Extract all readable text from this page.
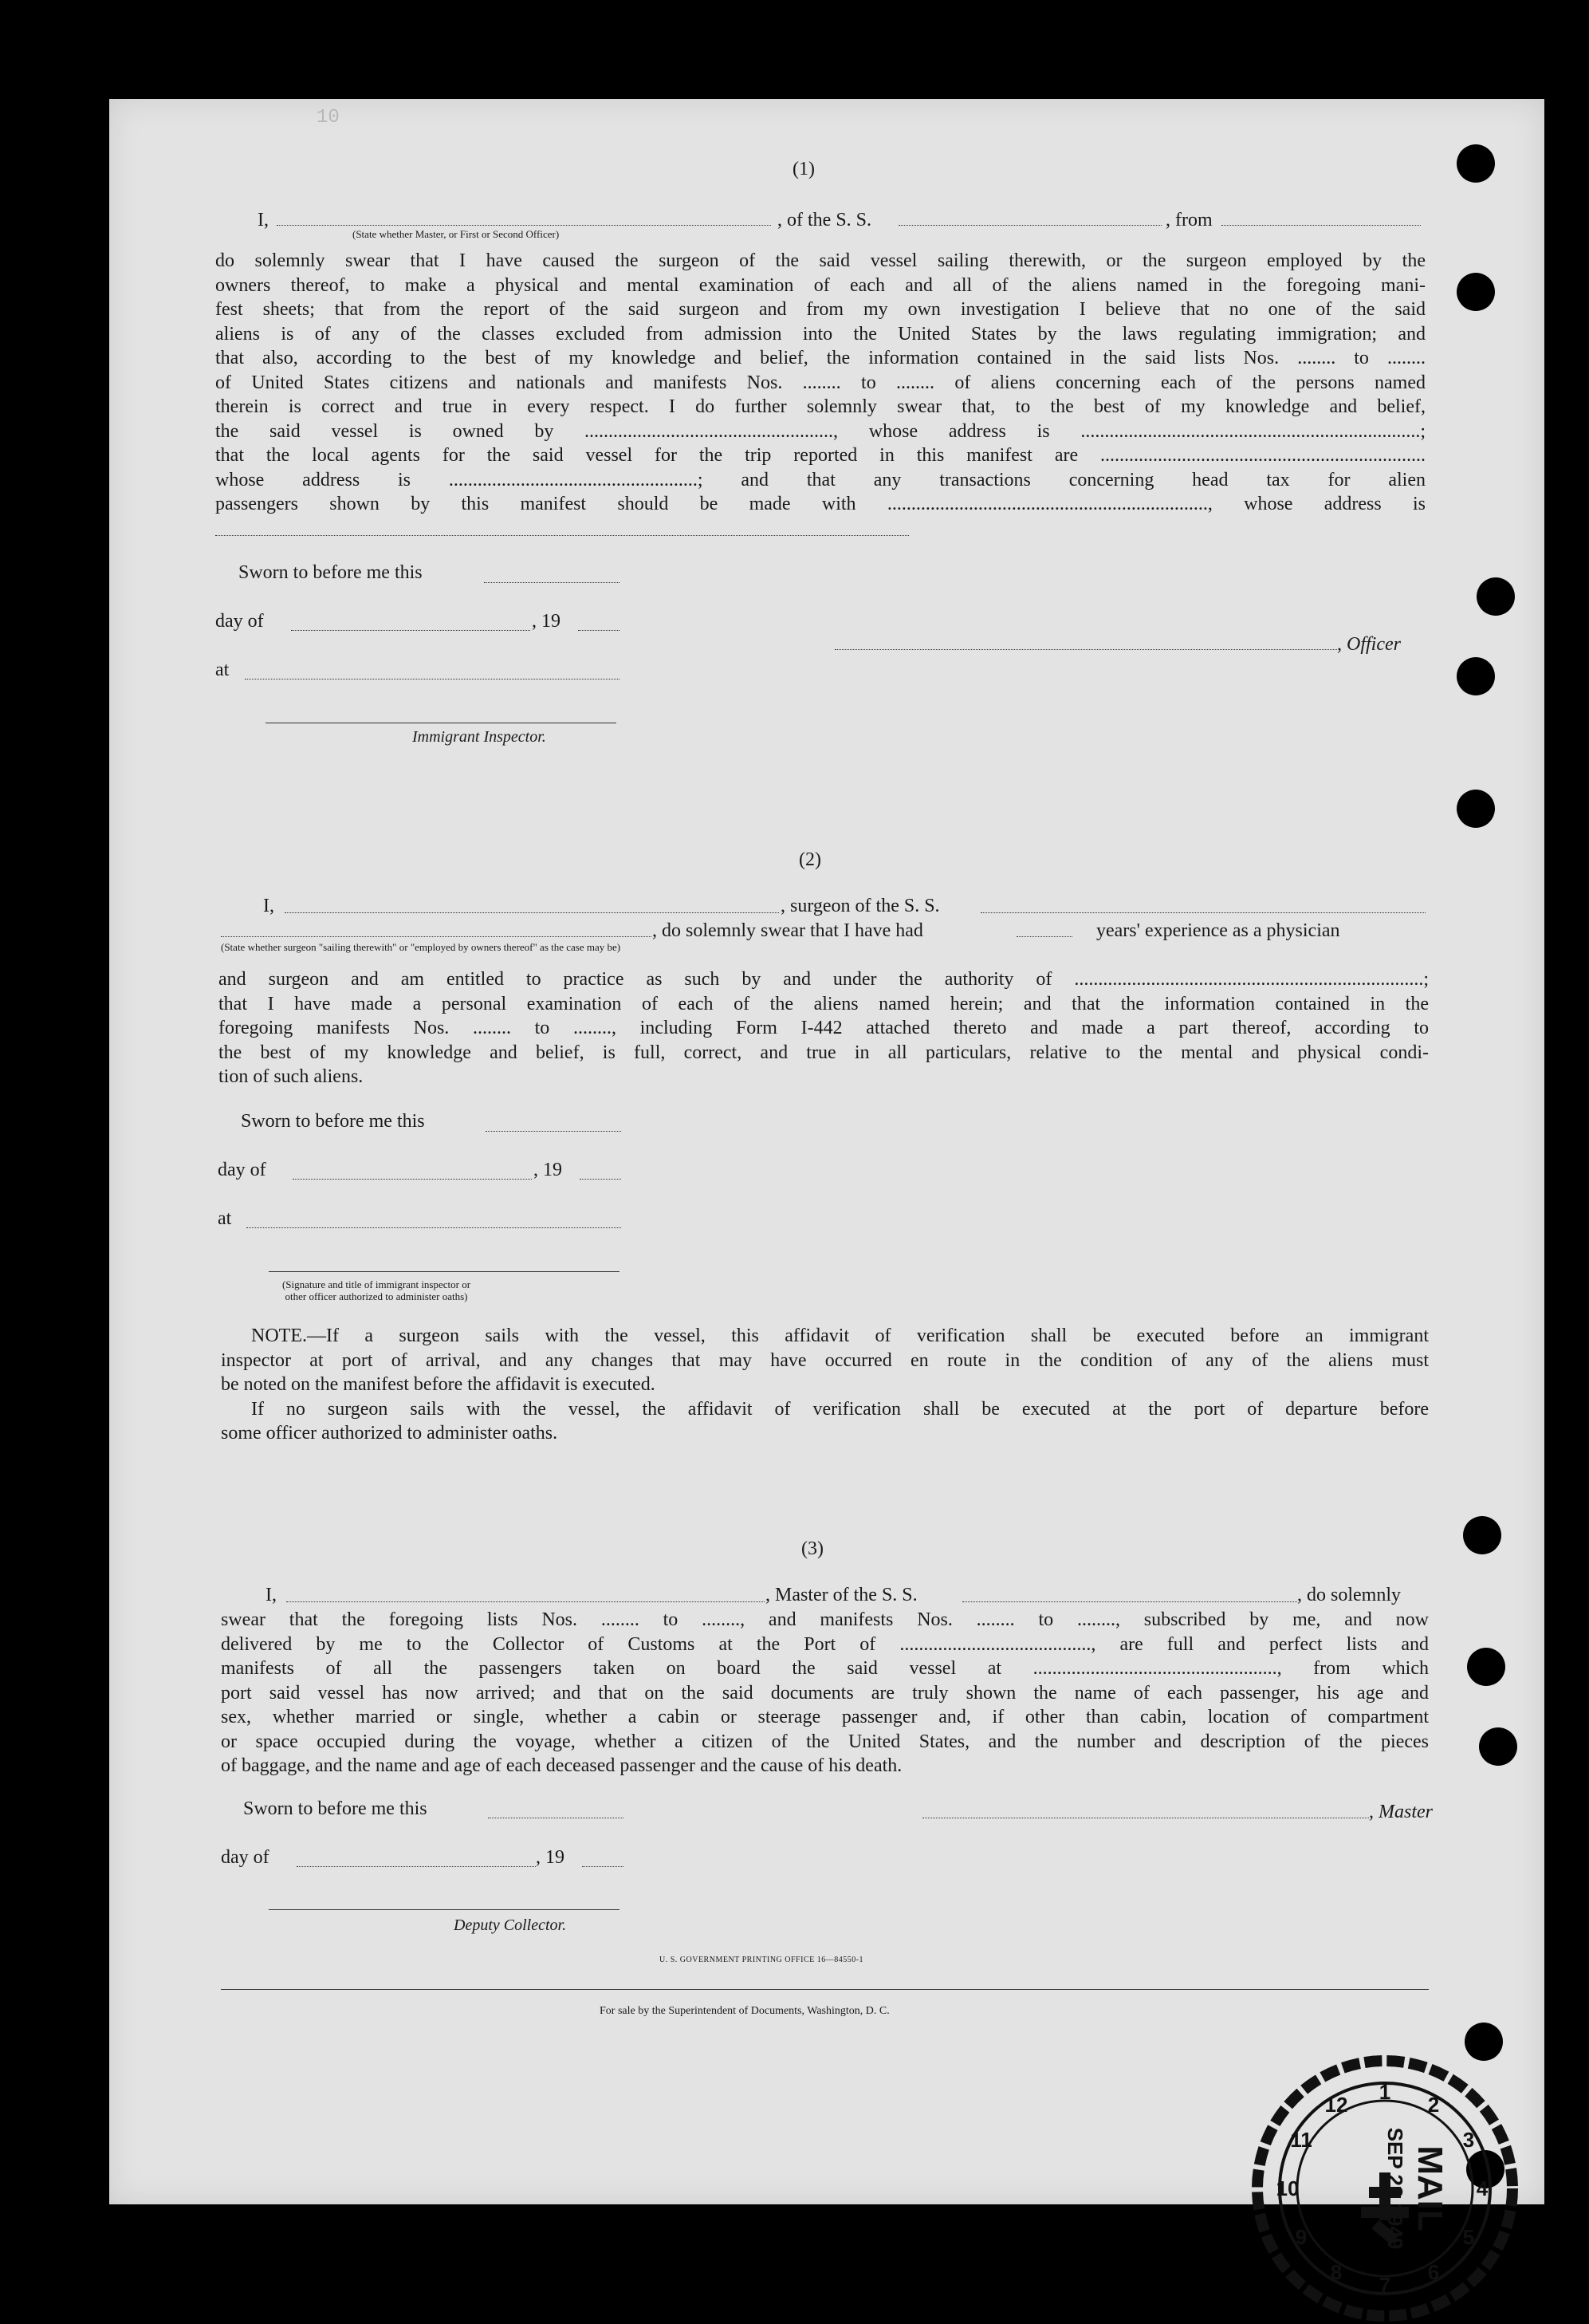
10
(1)
I,	, of the S. S.	, from
(State whether Master, or First or Second Officer)

do solemnly swear that I have caused the surgeon of the said vessel sailing therewith, or the surgeon employed by the

owners thereof, to make a physical and mental examination of each and all of the aliens named in the foregoing mani-

fest sheets; that from the report of the said surgeon and from my own investigation I believe that no one of the said

aliens is of any of the classes excluded from admission into the United States by the laws regulating immigration; and

that also, according to the best of my knowledge and belief, the information contained in the said lists Nos. ........ to ........

of United States citizens and nationals and manifests Nos. ........ to ........ of aliens concerning each of the persons named

therein is correct and true in every respect. I do further solemnly swear that, to the best of my knowledge and belief,

the said vessel is owned by ...................................................., whose address is .......................................................................;

that the local agents for the said vessel for the trip reported in this manifest are ....................................................................

whose address is ....................................................; and that any transactions concerning head tax for alien

passengers shown by this manifest should be made with ..................................................................., whose address is

Sworn to before me this
day of	, 19
, Officer
at
Immigrant Inspector.
(2)
I,	, surgeon of the S. S.
, do solemnly swear that I have had	years' experience as a physician
(State whether surgeon "sailing therewith" or "employed by owners thereof" as the case may be)

and surgeon and am entitled to practice as such by and under the authority of .........................................................................;

that I have made a personal examination of each of the aliens named herein; and that the information contained in the

foregoing manifests Nos. ........ to ........, including Form I-442 attached thereto and made a part thereof, according to

the best of my knowledge and belief, is full, correct, and true in all particulars, relative to the mental and physical condi-

tion of such aliens.

Sworn to before me this
day of	, 19
at
(Signature and title of immigrant inspector or
other officer authorized to administer oaths)

NOTE.—If a surgeon sails with the vessel, this affidavit of verification shall be executed before an immigrant

inspector at port of arrival, and any changes that may have occurred en route in the condition of any of the aliens must

be noted on the manifest before the affidavit is executed.

If no surgeon sails with the vessel, the affidavit of verification shall be executed at the port of departure before

some officer authorized to administer oaths.

(3)
I,	, Master of the S. S.	, do solemnly

swear that the foregoing lists Nos. ........ to ........, and manifests Nos. ........ to ........, subscribed by me, and now

delivered by me to the Collector of Customs at the Port of ........................................, are full and perfect lists and

manifests of all the passengers taken on board the said vessel at ..................................................., from which

port said vessel has now arrived; and that on the said documents are truly shown the name of each passenger, his age and

sex, whether married or single, whether a cabin or steerage passenger and, if other than cabin, location of compartment

or space occupied during the voyage, whether a citizen of the United States, and the number and description of the pieces

of baggage, and the name and age of each deceased passenger and the cause of his death.

Sworn to before me this	, Master
day of	, 19
Deputy Collector.
U. S. GOVERNMENT PRINTING OFFICE 16—84550-1
For sale by the Superintendent of Documents, Washington, D. C.
1
2
3
4
5
6
7
8
9
10
11
12
MAIL
SEP 22 1949
